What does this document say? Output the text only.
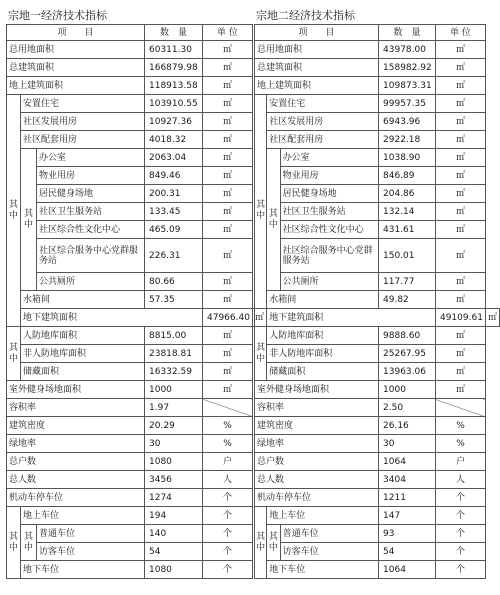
宗地一经济技术指标
项　　目			数　量	单 位	
总用地面积			60311.30	㎡	
总建筑面积			166879.98	㎡	
地上建筑面积			118913.58	㎡	
其
中	安置住宅		103910.55	㎡	
	社区发展用房		10927.36	㎡	
	社区配套用房		4018.32	㎡	
	其
中	办公室	2063.04	㎡	
		物业用房	849.46	㎡	
		居民健身场地	200.31	㎡	
		社区卫生服务站	133.45	㎡	
		社区综合性文化中心	465.09	㎡	
		社区综合服务中心党群服务站	226.31	㎡	
		公共厕所	80.66	㎡	
	水箱间		57.35	㎡	
	地下建筑面积			47966.40	㎡
其
中	人防地库面积		8815.00	㎡	
	非人防地库面积		23818.81	㎡	
	储藏面积		16332.59	㎡	
室外健身场地面积			1000	㎡	
容积率			1.97		
建筑密度			20.29	%	
绿地率			30	%	
总户数			1080	户	
总人数			3456	人	
机动车停车位			1274	个	
其
中	地上车位		194	个	
	其
中	普通车位	140	个	
		访客车位	54	个	
	地下车位		1080	个	
宗地二经济技术指标
项　　目			数　量	单 位	
总用地面积			43978.00	㎡	
总建筑面积			158982.92	㎡	
地上建筑面积			109873.31	㎡	
其
中	安置住宅		99957.35	㎡	
	社区发展用房		6943.96	㎡	
	社区配套用房		2922.18	㎡	
	其
中	办公室	1038.90	㎡	
		物业用房	846.89	㎡	
		居民健身场地	204.86	㎡	
		社区卫生服务站	132.14	㎡	
		社区综合性文化中心	431.61	㎡	
		社区综合服务中心党群服务站	150.01	㎡	
		公共厕所	117.77	㎡	
	水箱间		49.82	㎡	
	地下建筑面积			49109.61	㎡
其
中	人防地库面积		9888.60	㎡	
	非人防地库面积		25267.95	㎡	
	储藏面积		13963.06	㎡	
室外健身场地面积			1000	㎡	
容积率			2.50		
建筑密度			26.16	%	
绿地率			30	%	
总户数			1064	户	
总人数			3404	人	
机动车停车位			1211	个	
其
中	地上车位		147	个	
	其
中	普通车位	93	个	
		访客车位	54	个	
	地下车位		1064	个	
